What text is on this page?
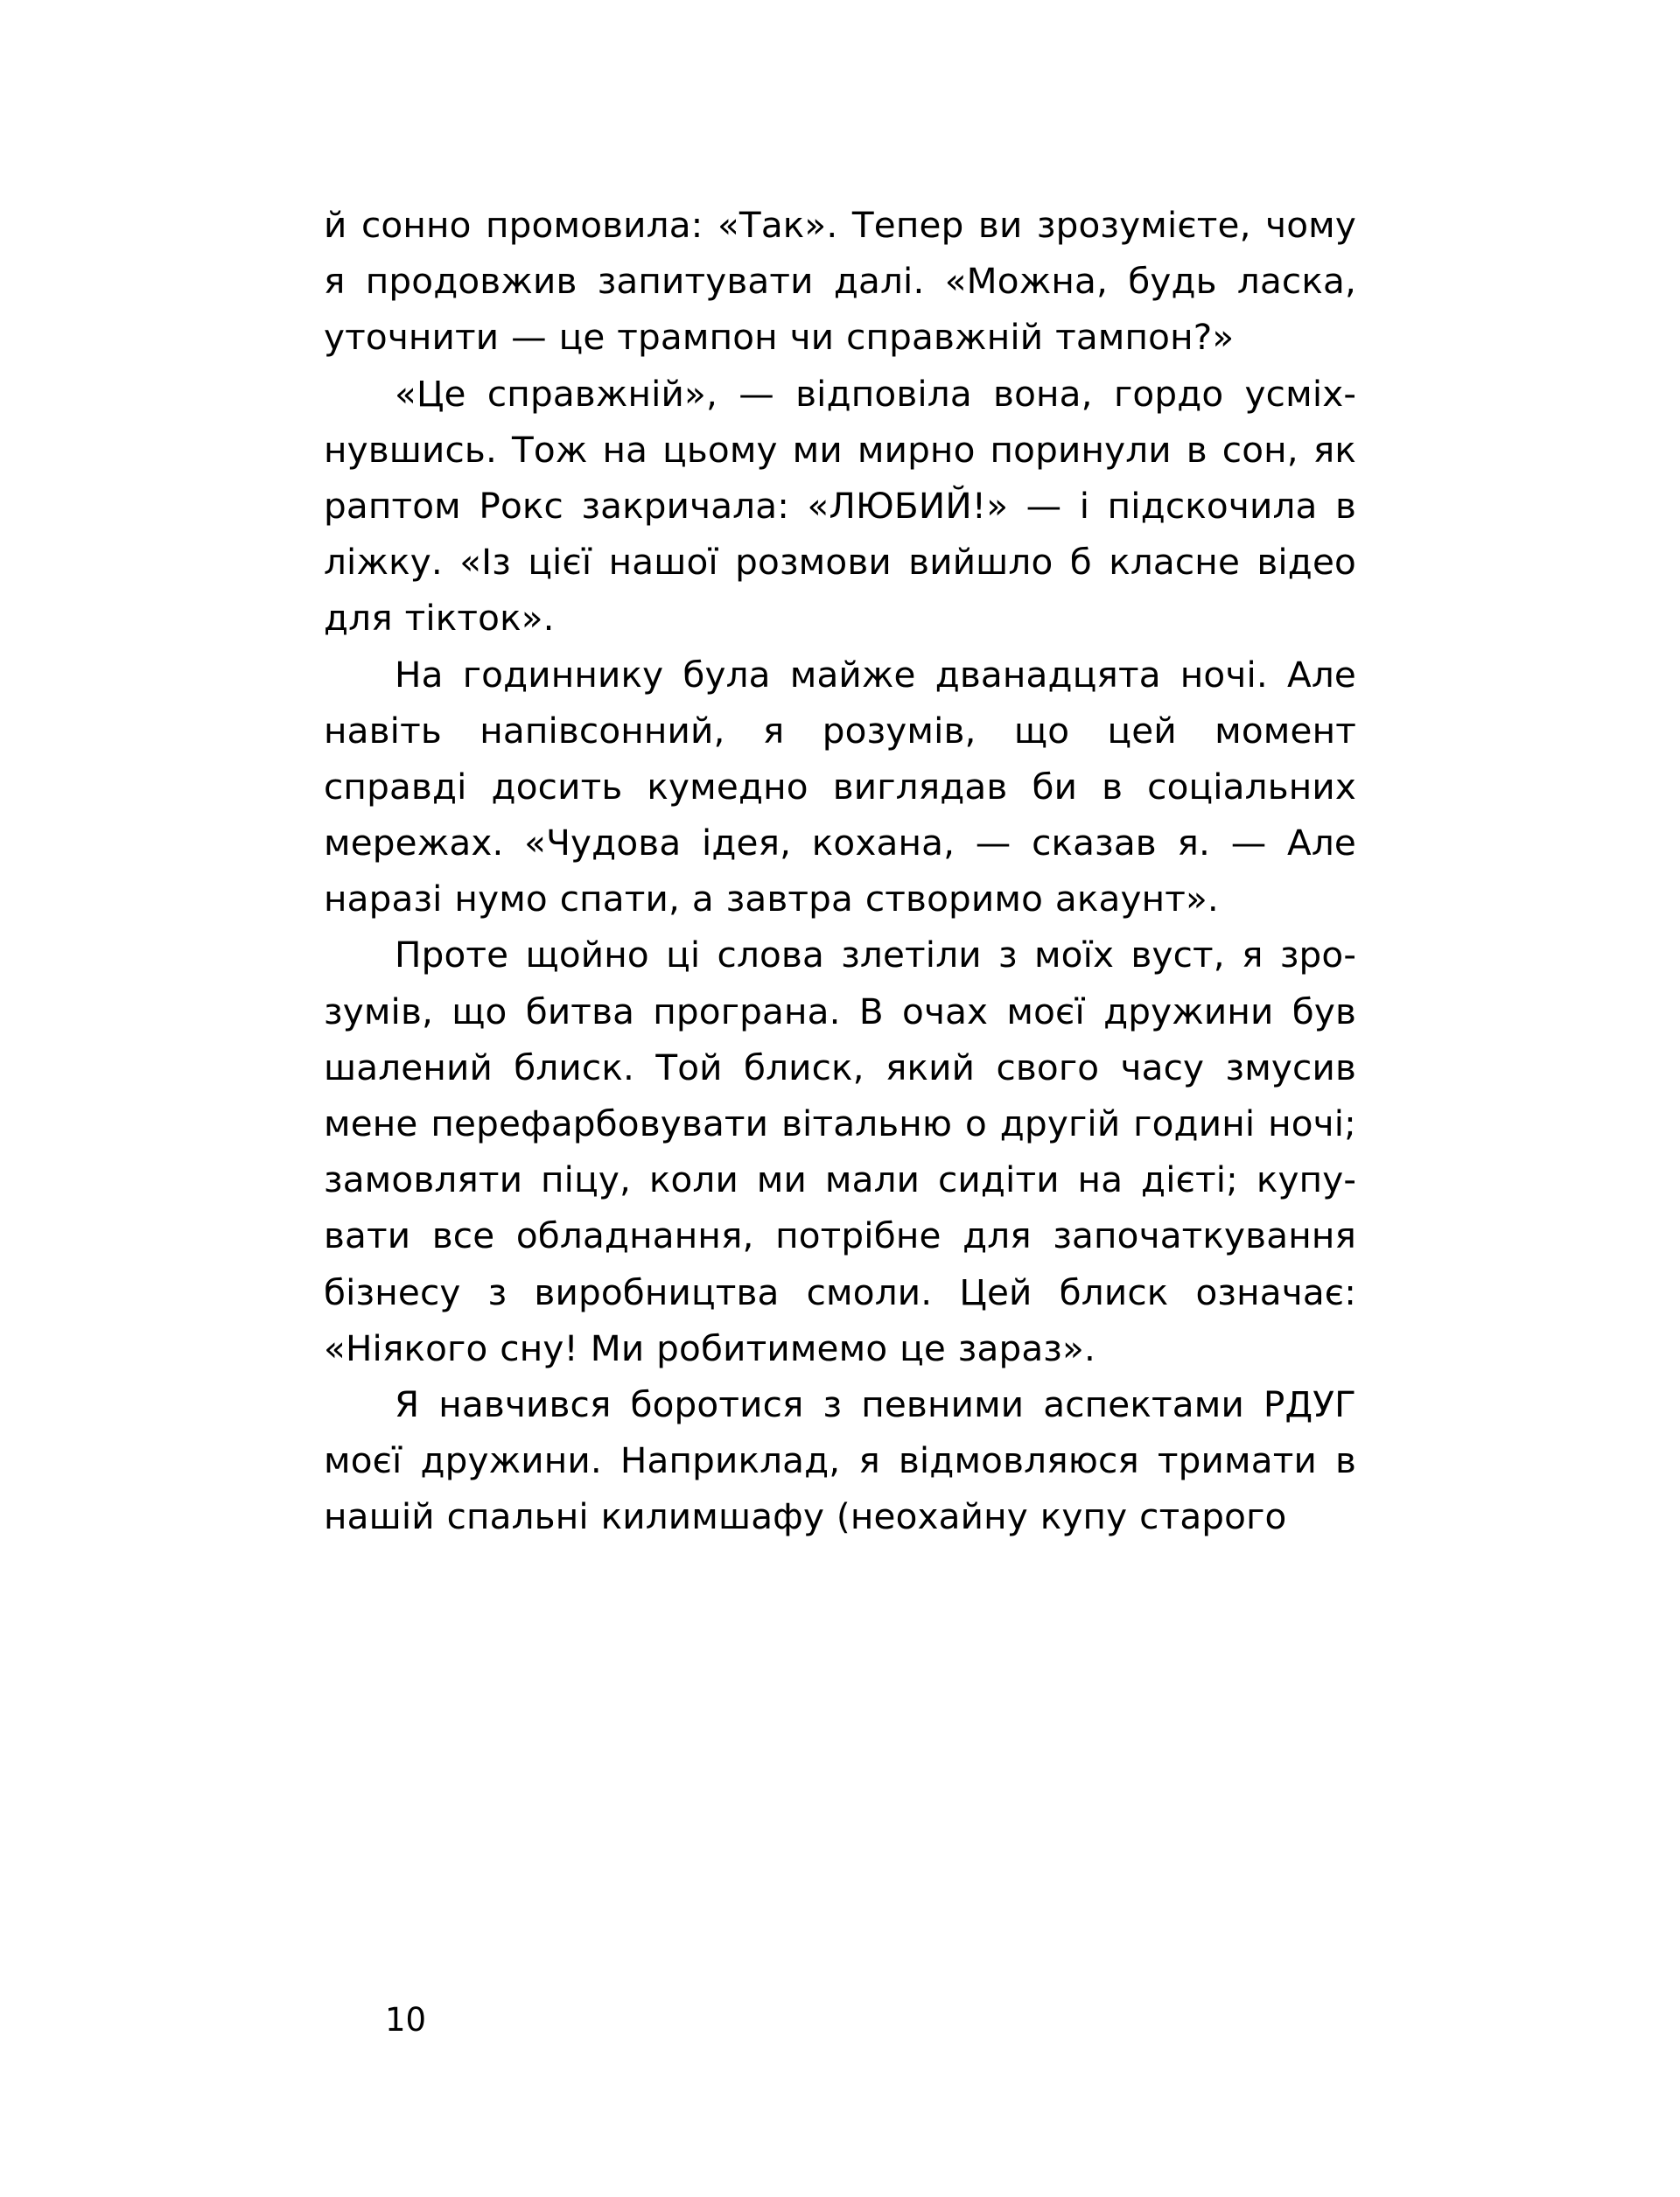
й сонно промовила: «Так». Тепер ви зрозумієте, чому я продовжив запитувати далі. «Можна, будь ласка, уточнити — це трампон чи справжній тампон?»

«Це справжній», — відповіла вона, гордо усміхнувшись. Тож на цьому ми мирно поринули в сон, як раптом Рокс закричала: «ЛЮБИЙ!» — і підскочила в ліжку. «Із цієї нашої розмови вийшло б класне відео для тікток».

На годиннику була майже дванадцята ночі. Але навіть напівсонний, я розумів, що цей момент справді досить кумедно виглядав би в соціальних мережах. «Чудова ідея, кохана, — сказав я. — Але наразі нумо спати, а завтра створимо акаунт».

Проте щойно ці слова злетіли з моїх вуст, я зрозумів, що битва програна. В очах моєї дружини був шалений блиск. Той блиск, який свого часу змусив мене перефарбовувати вітальню о другій годині ночі; замовляти піцу, коли ми мали сидіти на дієті; купувати все обладнання, потрібне для започаткування бізнесу з виробництва смоли. Цей блиск означає: «Ніякого сну! Ми робитимемо це зараз».

Я навчився боротися з певними аспектами РДУГ моєї дружини. Наприклад, я відмовляюся тримати в нашій спальні килимшафу (неохайну купу старого

10
